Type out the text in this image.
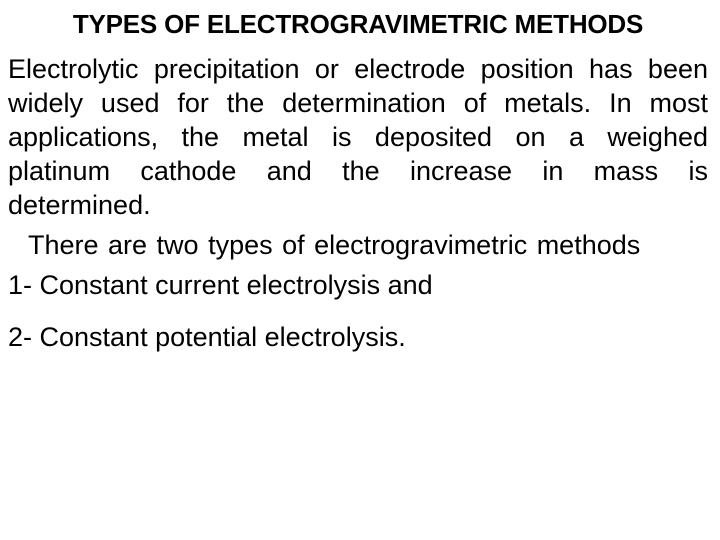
TYPES OF ELECTROGRAVIMETRIC METHODS

Electrolytic precipitation or electrode position has been widely used for the determination of metals. In most applications, the metal is deposited on a weighed platinum cathode and the increase in mass is determined.

There are two types of electrogravimetric methods

1- Constant current electrolysis and
2- Constant potential electrolysis.
